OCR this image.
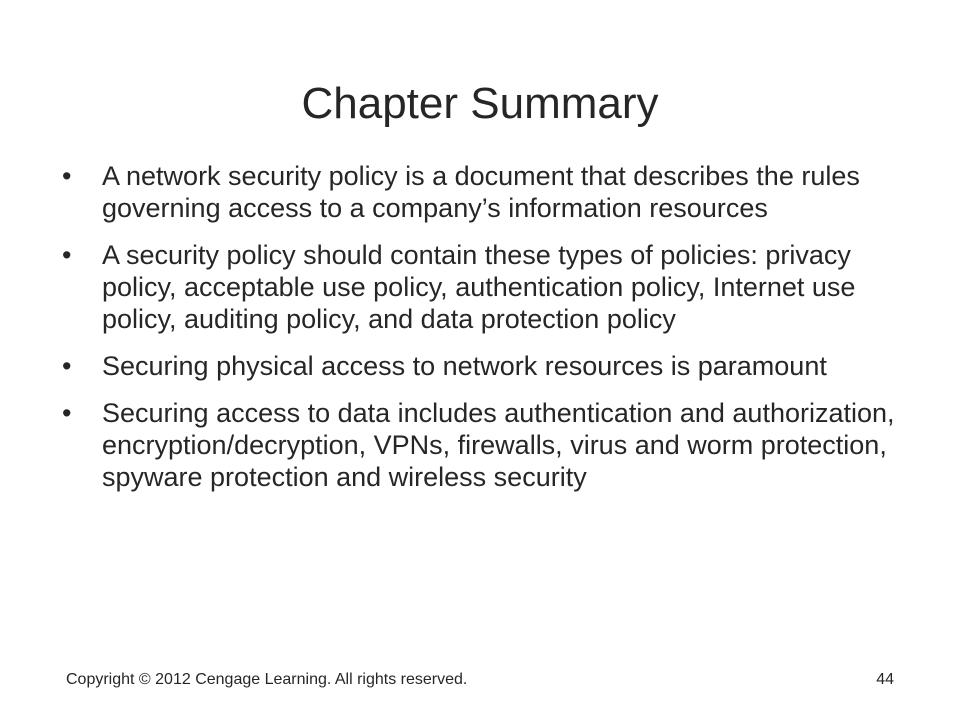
Chapter Summary
•	A network security policy is a document that describes the rules governing access to a company’s information resources
•	A security policy should contain these types of policies: privacy policy, acceptable use policy, authentication policy, Internet use policy, auditing policy, and data protection policy
•	Securing physical access to network resources is paramount
•	Securing access to data includes authentication and authorization, encryption/decryption, VPNs, firewalls, virus and worm protection, spyware protection and wireless security
Copyright © 2012 Cengage Learning. All rights reserved.	44
